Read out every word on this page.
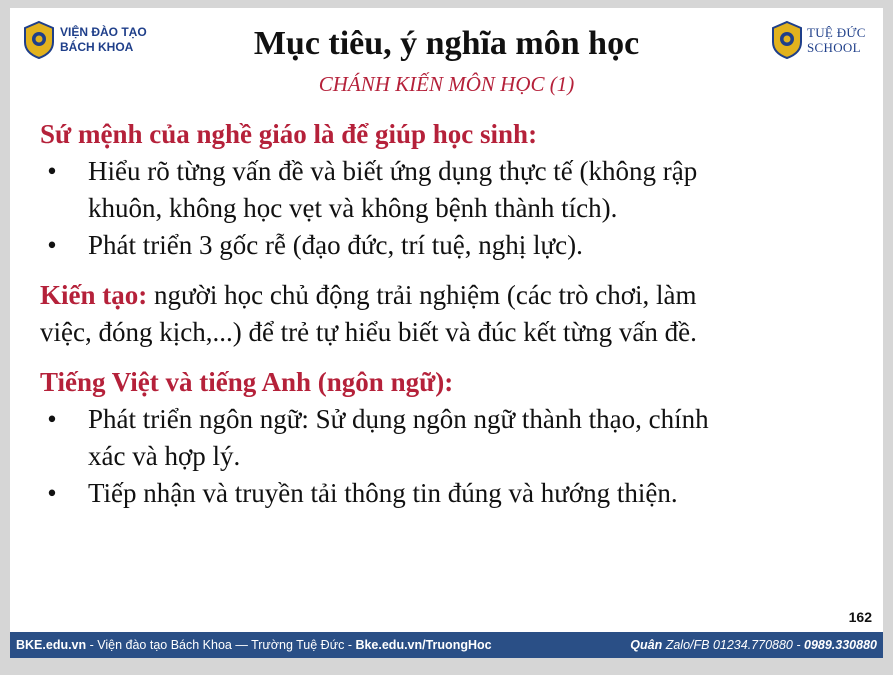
VIỆN ĐÀO TẠO
BÁCH KHOA	Mục tiêu, ý nghĩa môn học
CHÁNH KIẾN MÔN HỌC (1)
TUỆ ĐỨC
SCHOOL
Sứ mệnh của nghề giáo là để giúp học sinh:
• Hiểu rõ từng vấn đề và biết ứng dụng thực tế (không rập
khuôn, không học vẹt và không bệnh thành tích).
• Phát triển 3 gốc rễ (đạo đức, trí tuệ, nghị lực).
Kiến tạo: người học chủ động trải nghiệm (các trò chơi, làm
việc, đóng kịch,...) để trẻ tự hiểu biết và đúc kết từng vấn đề.
Tiếng Việt và tiếng Anh (ngôn ngữ):
• Phát triển ngôn ngữ: Sử dụng ngôn ngữ thành thạo, chính
xác và hợp lý.
• Tiếp nhận và truyền tải thông tin đúng và hướng thiện.
162
BKE.edu.vn - Viện đào tạo Bách Khoa — Trường Tuệ Đức - Bke.edu.vn/TruongHoc	Quân Zalo/FB 01234.770880 - 0989.330880
